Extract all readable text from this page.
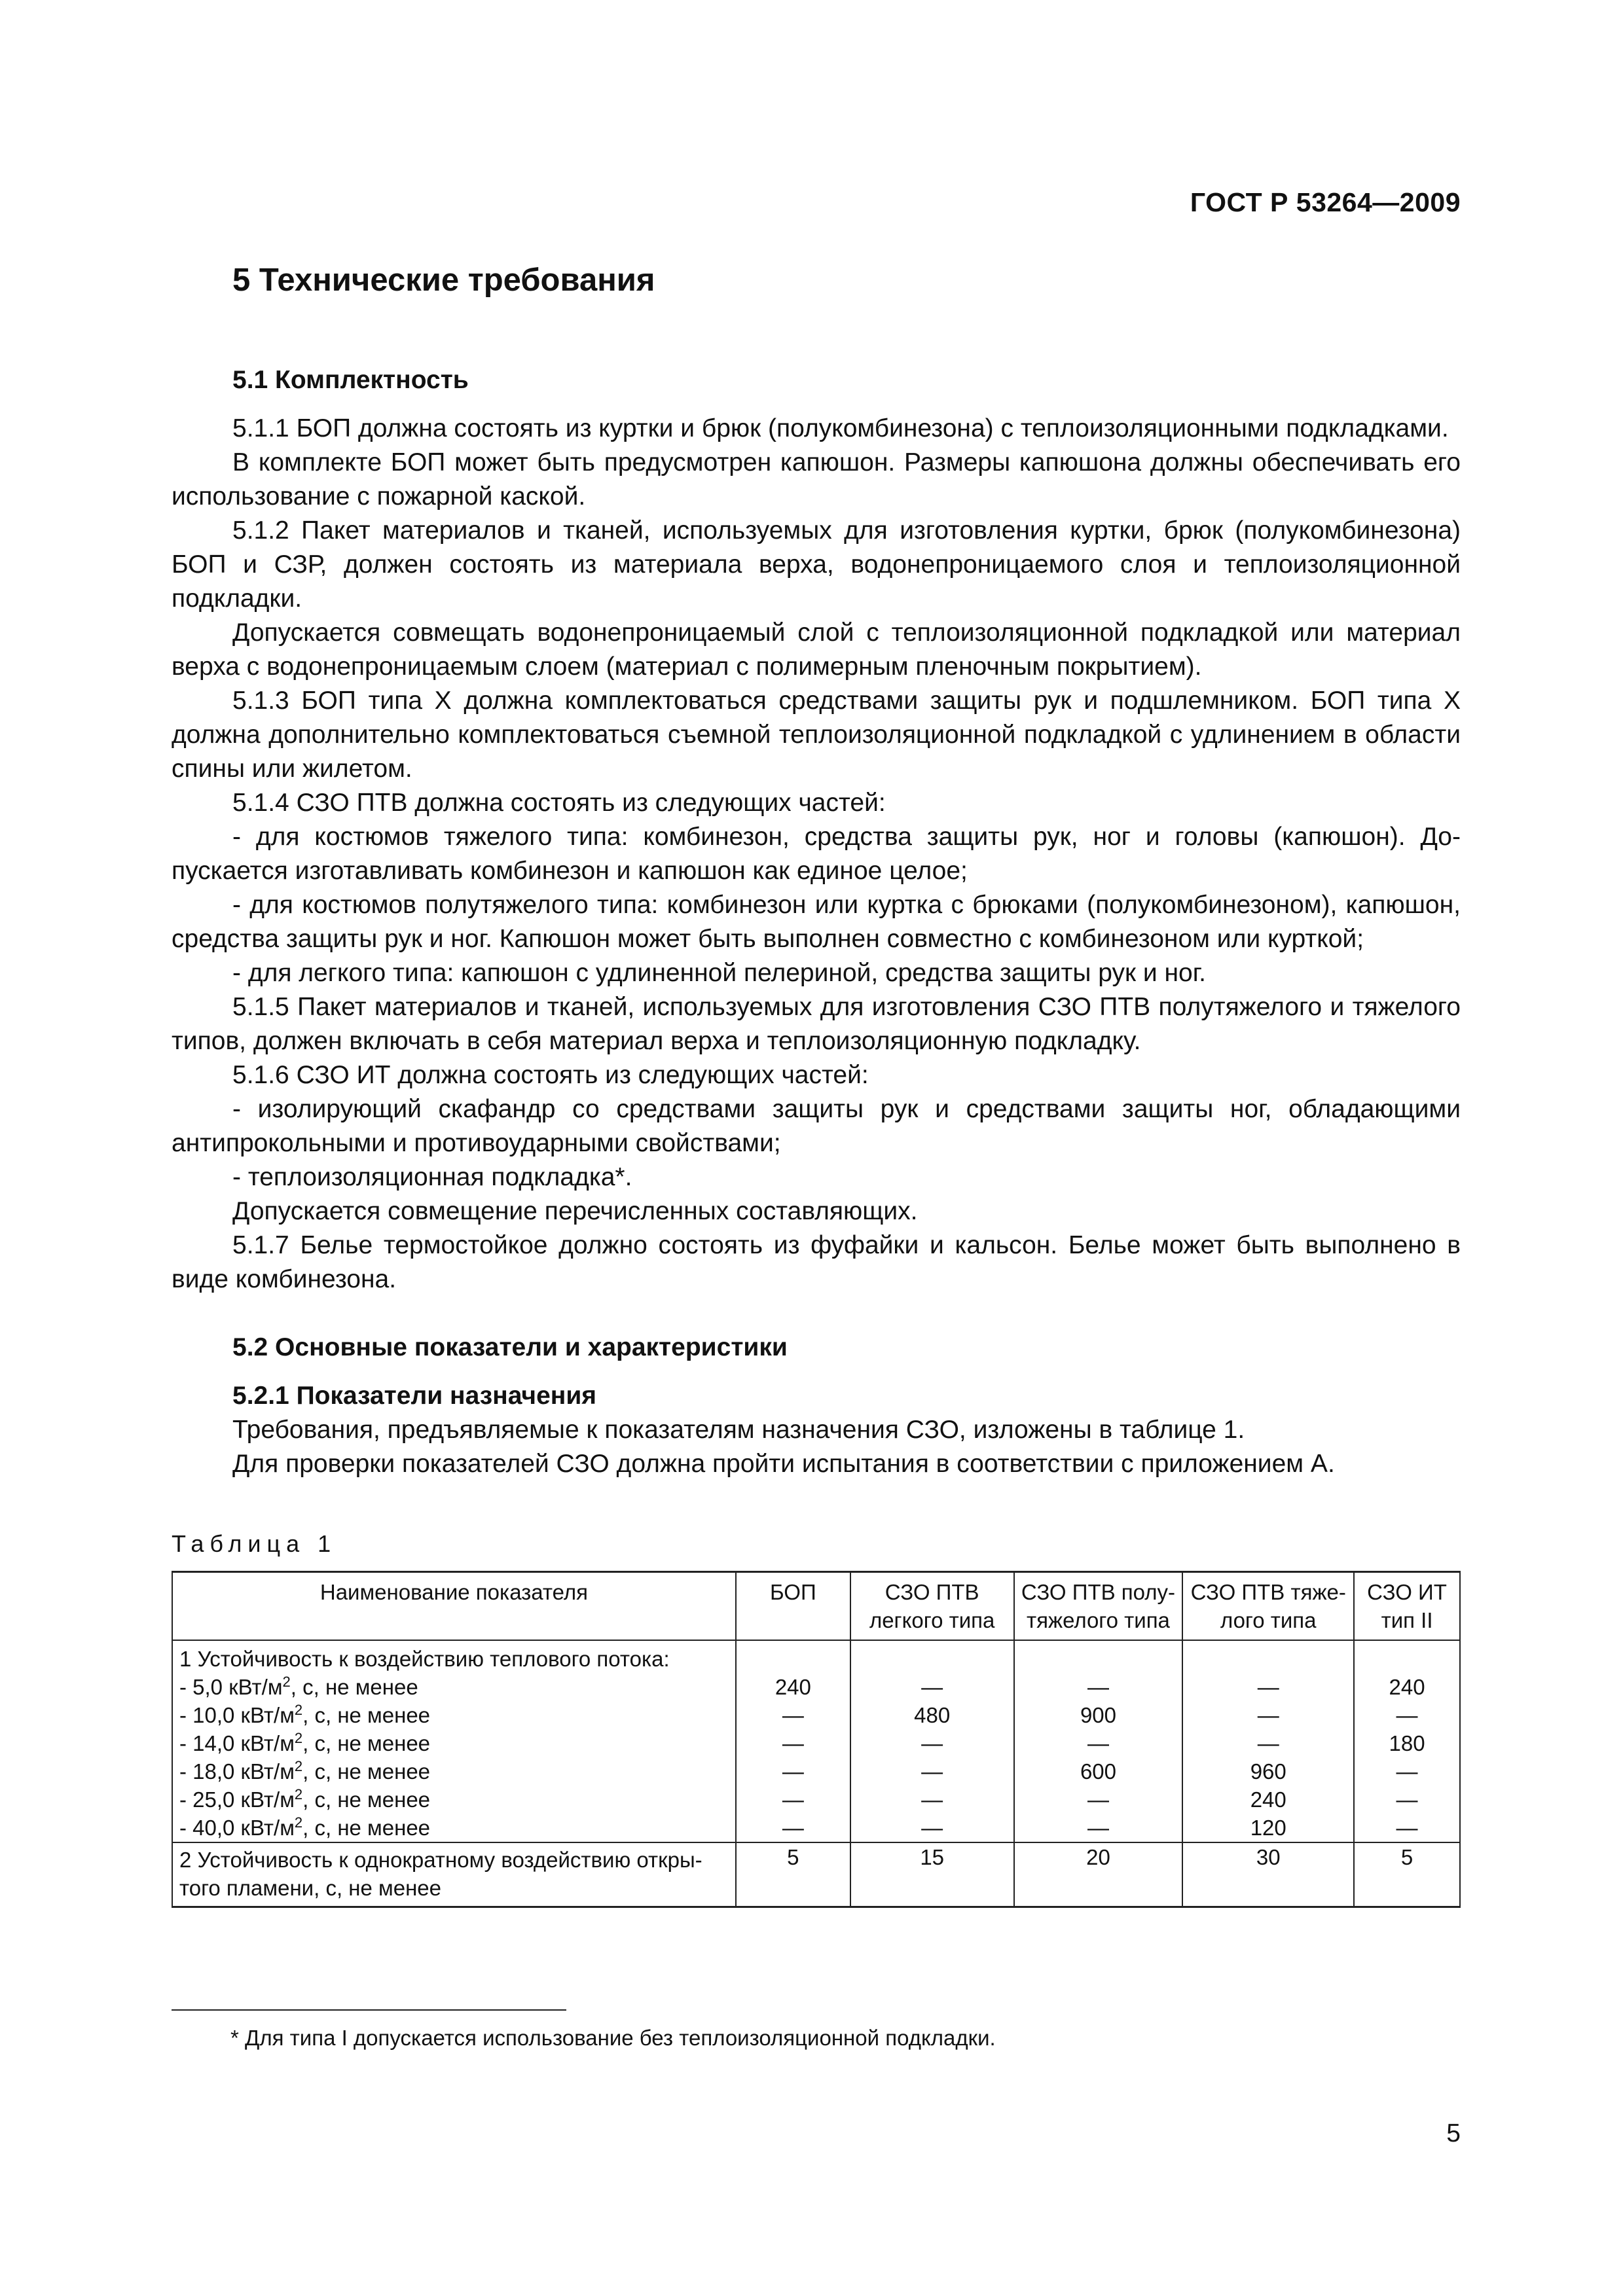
ГОСТ Р 53264—2009
5 Технические требования

5.1 Комплектность

5.1.1 БОП должна состоять из куртки и брюк (полукомбинезона) с теплоизоляционными подкладками.

В комплекте БОП может быть предусмотрен капюшон. Размеры капюшона должны обеспечивать его использование с пожарной каской.

5.1.2 Пакет материалов и тканей, используемых для изготовления куртки, брюк (полукомбинезона) БОП и СЗР, должен состоять из материала верха, водонепроницаемого слоя и теплоизоляционной подкладки.

Допускается совмещать водонепроницаемый слой с теплоизоляционной подкладкой или материал верха с водонепроницаемым слоем (материал с полимерным пленочным покрытием).

5.1.3 БОП типа Х должна комплектоваться средствами защиты рук и подшлемником. БОП типа Х должна дополнительно комплектоваться съемной теплоизоляционной подкладкой с удлинением в области спины или жилетом.

5.1.4 СЗО ПТВ должна состоять из следующих частей:

- для костюмов тяжелого типа: комбинезон, средства защиты рук, ног и головы (капюшон). Допускается изготавливать комбинезон и капюшон как единое целое;

- для костюмов полутяжелого типа: комбинезон или куртка с брюками (полукомбинезоном), капюшон, средства защиты рук и ног. Капюшон может быть выполнен совместно с комбинезоном или курткой;

- для легкого типа: капюшон с удлиненной пелериной, средства защиты рук и ног.

5.1.5 Пакет материалов и тканей, используемых для изготовления СЗО ПТВ полутяжелого и тяжелого типов, должен включать в себя материал верха и теплоизоляционную подкладку.

5.1.6 СЗО ИТ должна состоять из следующих частей:

- изолирующий скафандр со средствами защиты рук и средствами защиты ног, обладающими антипрокольными и противоударными свойствами;

- теплоизоляционная подкладка*.

Допускается совмещение перечисленных составляющих.

5.1.7 Белье термостойкое должно состоять из фуфайки и кальсон. Белье может быть выполнено в виде комбинезона.

5.2 Основные показатели и характеристики

5.2.1 Показатели назначения

Требования, предъявляемые к показателям назначения СЗО, изложены в таблице 1.

Для проверки показателей СЗО должна пройти испытания в соответствии с приложением А.

Таблица 1
Наименование показателя	БОП	СЗО ПТВ легкого типа	СЗО ПТВ полутяжелого типа	СЗО ПТВ тяжелого типа	СЗО ИТ тип II
1 Устойчивость к воздействию теплового потока:					
- 5,0 кВт/$м^2$, с, не менее	240	—	—	—	240
- 10,0 кВт/$м^2$, с, не менее	—	480	900	—	—
- 14,0 кВт/$м^2$, с, не менее	—	—	—	—	180
- 18,0 кВт/$м^2$, с, не менее	—	—	600	960	—
- 25,0 кВт/$м^2$, с, не менее	—	—	—	240	—
- 40,0 кВт/$м^2$, с, не менее	—	—	—	120	—
2 Устойчивость к однократному воздействию открытого пламени, с, не менее	5	15	20	30	5
* Для типа I допускается использование без теплоизоляционной подкладки.
5
